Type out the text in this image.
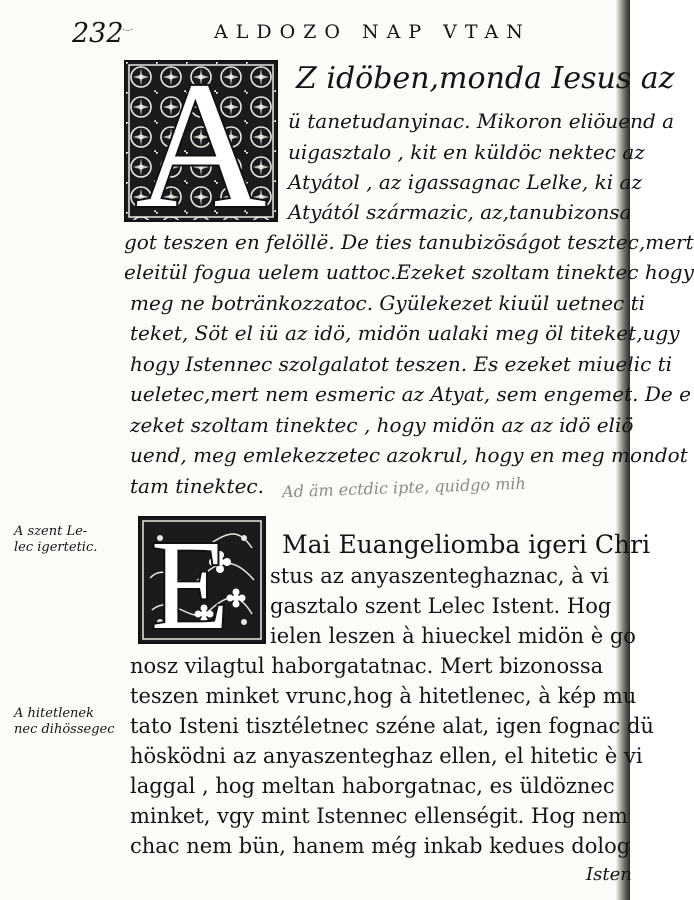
232
·–·	ALDOZO NAP VTAN
A Z idöben,monda Iesus az
ü tanetudanyinac. Mikoron eliöuend a
uigasztalo , kit en küldöc nektec az
Atyátol , az igassagnac Lelke, ki az
Atyától származic, az,tanubizonsa
got teszen en felöllë. De ties tanubizöságot tesztec,mert
eleitül fogua uelem uattoc.Ezeket szoltam tinektec hogy
meg ne botränkozzatoc. Gyülekezet kiuül uetnec ti
teket, Söt el iü az idö, midön ualaki meg öl titeket,ugy
hogy Istennec szolgalatot teszen. Es ezeket miuelic ti
ueletec,mert nem esmeric az Atyat, sem engemet. De e
zeket szoltam tinektec , hogy midön az az idö eliö
uend, meg emlekezzetec azokrul, hogy en meg mondot
tam tinektec. Ad äm ectdic ipte, quidgo mih
A szent Le-
lec igertetic.
A hitetlenek
nec dihössegec
E Mai Euangeliomba igeri Chri
stus az anyaszenteghaznac, à vi
gasztalo szent Lelec Istent. Hog
ielen leszen à hiueckel midön è go
nosz vilagtul haborgatatnac. Mert bizonossa
teszen minket vrunc,hog à hitetlenec, à kép mu
tato Isteni tisztéletnec széne alat, igen fognac dü
hösködni az anyaszenteghaz ellen, el hitetic è vi
laggal , hog meltan haborgatnac, es üldöznec
minket, vgy mint Istennec ellenségit. Hog nem
chac nem bün, hanem még inkab kedues dolog
Isten
